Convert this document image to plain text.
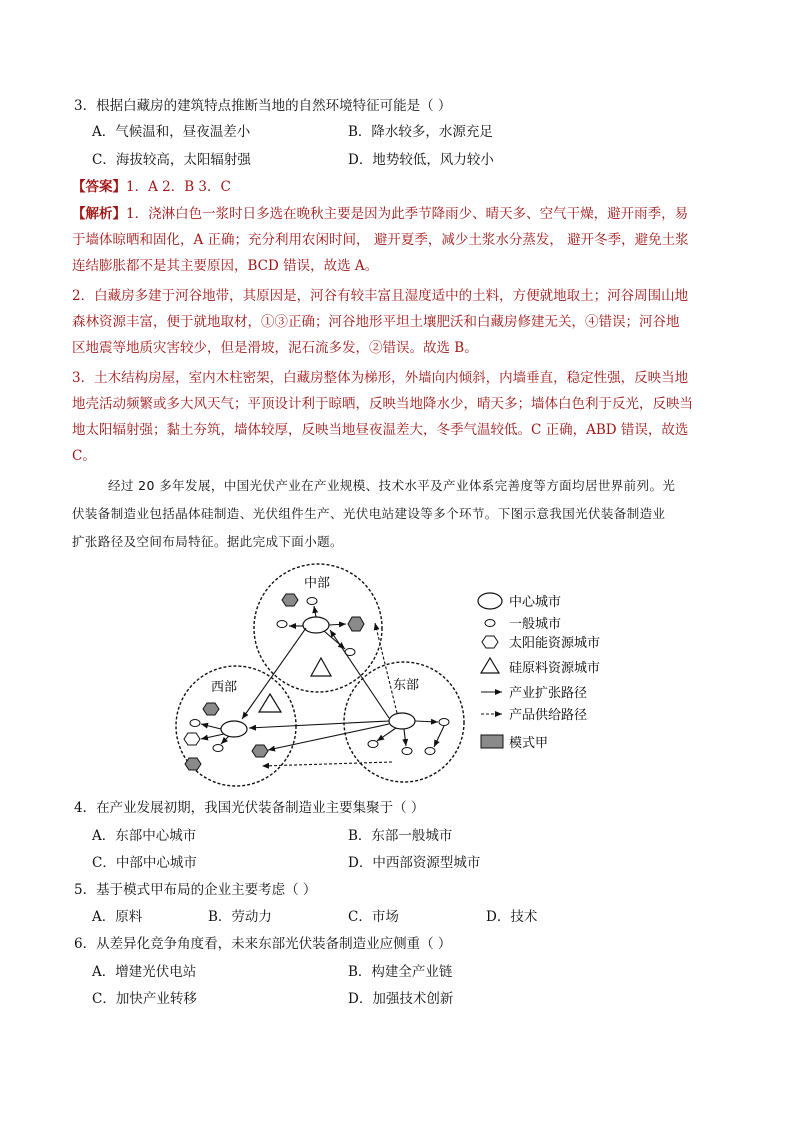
3．根据白藏房的建筑特点推断当地的自然环境特征可能是（ ）
A．气候温和，昼夜温差小	B．降水较多，水源充足
C．海拔较高，太阳辐射强	D．地势较低，风力较小
【答案】1．A 2．B 3．C
【解析】1．浇淋白色一浆时日多选在晚秋主要是因为此季节降雨少、晴天多、空气干燥，避开雨季，易
于墙体晾晒和固化，A 正确；充分利用农闲时间， 避开夏季，减少土浆水分蒸发， 避开冬季，避免土浆
连结膨胀都不是其主要原因，BCD 错误，故选 A。
2．白藏房多建于河谷地带，其原因是，河谷有较丰富且湿度适中的土料，方便就地取土；河谷周围山地
森林资源丰富，便于就地取材，①③正确；河谷地形平坦土壤肥沃和白藏房修建无关，④错误；河谷地
区地震等地质灾害较少，但是滑坡，泥石流多发，②错误。故选 B。
3．土木结构房屋，室内木柱密架，白藏房整体为梯形，外墙向内倾斜，内墙垂直，稳定性强，反映当地
地壳活动频繁或多大风天气；平顶设计利于晾晒，反映当地降水少，晴天多；墙体白色利于反光，反映当
地太阳辐射强；黏土夯筑，墙体较厚，反映当地昼夜温差大，冬季气温较低。C 正确，ABD 错误，故选
C。
经过 20 多年发展，中国光伏产业在产业规模、技术水平及产业体系完善度等方面均居世界前列。光
伏装备制造业包括晶体硅制造、光伏组件生产、光伏电站建设等多个环节。下图示意我国光伏装备制造业
扩张路径及空间布局特征。据此完成下面小题。
中部
西部	东部
中心城市
一般城市
太阳能资源城市
硅原料资源城市
产业扩张路径
产品供给路径
模式甲
4．在产业发展初期，我国光伏装备制造业主要集聚于（ ）
A．东部中心城市	B．东部一般城市
C．中部中心城市	D．中西部资源型城市
5．基于模式甲布局的企业主要考虑（ ）
A．原料	B．劳动力	C．市场	D．技术
6．从差异化竞争角度看，未来东部光伏装备制造业应侧重（ ）
A．增建光伏电站	B．构建全产业链
C．加快产业转移	D．加强技术创新
